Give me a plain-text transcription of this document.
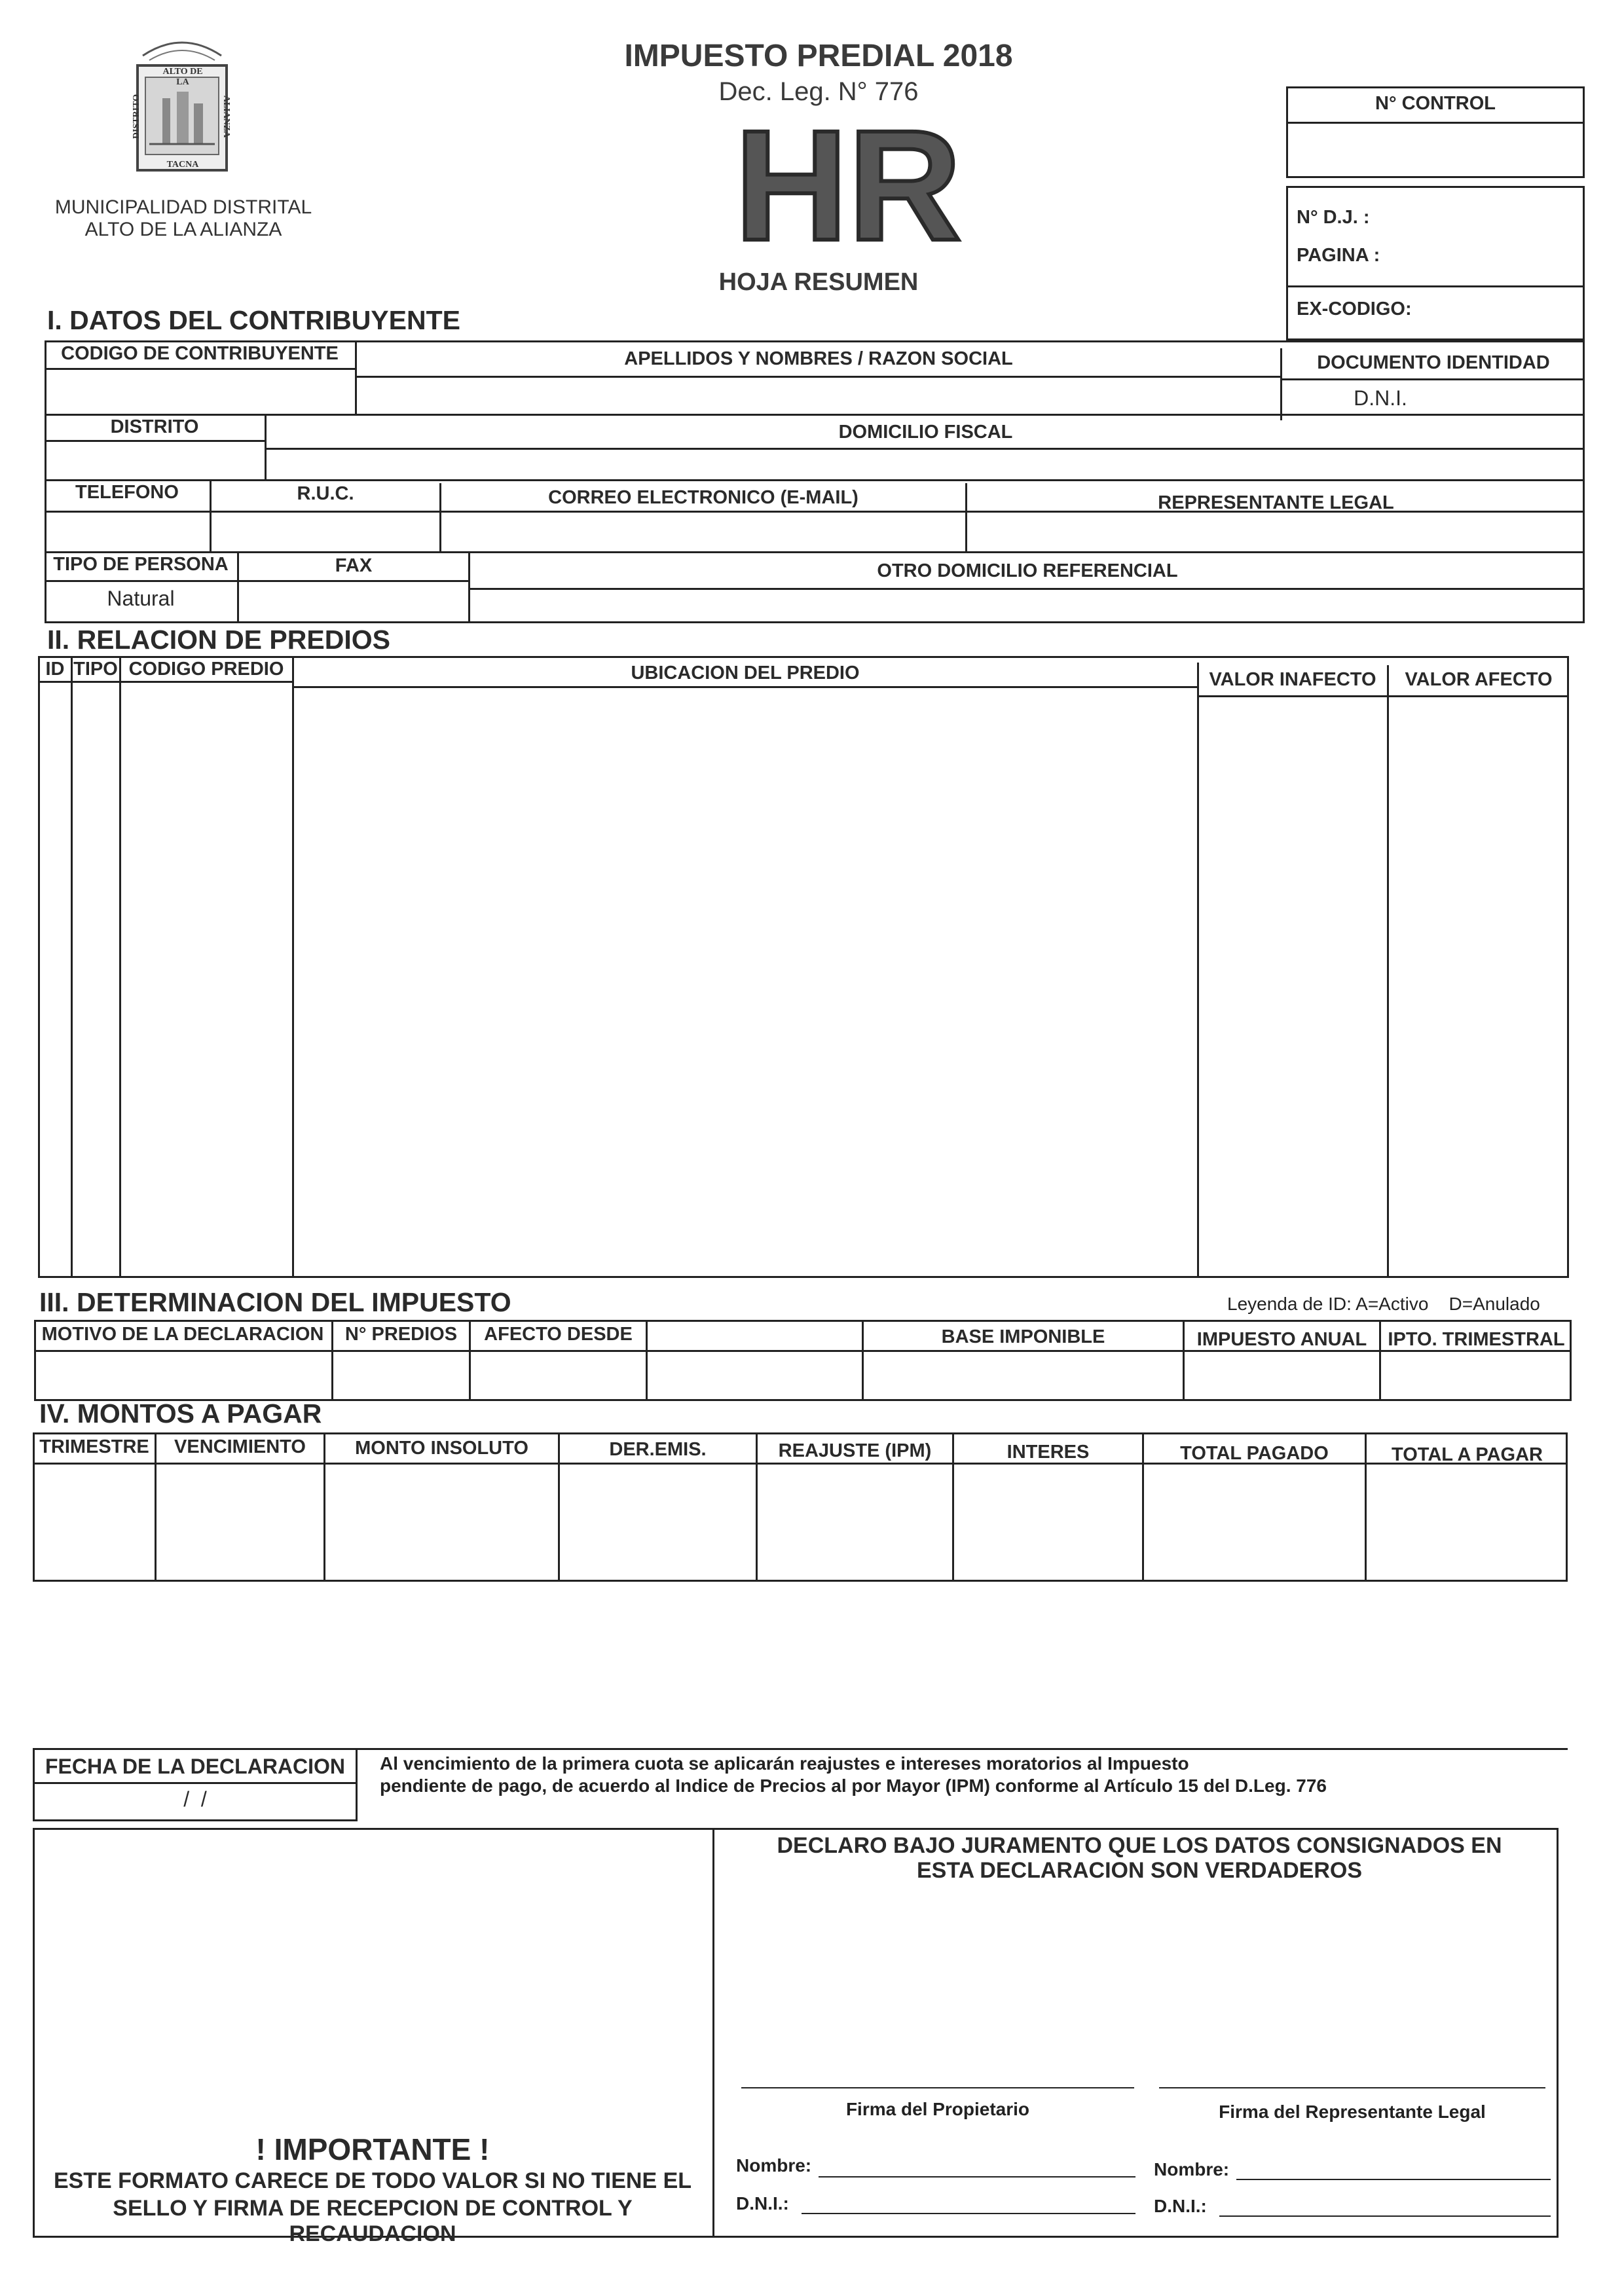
ALTO DE LA
DISTRITO	ALIANZA
TACNA
MUNICIPALIDAD DISTRITAL
ALTO DE LA ALIANZA
IMPUESTO PREDIAL 2018
Dec. Leg. N° 776
HR
HOJA RESUMEN
N° CONTROL
N° D.J. :
PAGINA :
EX-CODIGO:
I. DATOS DEL CONTRIBUYENTE
CODIGO DE CONTRIBUYENTE	APELLIDOS Y NOMBRES / RAZON SOCIAL	DOCUMENTO IDENTIDAD
D.N.I.
DISTRITO	DOMICILIO FISCAL
TELEFONO	R.U.C.	CORREO ELECTRONICO (E-MAIL)	REPRESENTANTE LEGAL
TIPO DE PERSONA	FAX	OTRO DOMICILIO REFERENCIAL
Natural
II. RELACION DE PREDIOS
ID TIPO CODIGO PREDIO	UBICACION DEL PREDIO	VALOR INAFECTO	VALOR AFECTO
III. DETERMINACION DEL IMPUESTO	Leyenda de ID: A=Activo    D=Anulado
MOTIVO DE LA DECLARACION	N° PREDIOS	AFECTO DESDE	BASE IMPONIBLE	IMPUESTO ANUAL	IPTO. TRIMESTRAL
IV. MONTOS A PAGAR
TRIMESTRE	VENCIMIENTO	MONTO INSOLUTO	DER.EMIS.	REAJUSTE (IPM)	INTERES	TOTAL PAGADO	TOTAL A PAGAR
FECHA DE LA DECLARACION
/  /
Al vencimiento de la primera cuota se aplicarán reajustes e intereses moratorios al Impuesto
pendiente de pago, de acuerdo al Indice de Precios al por Mayor (IPM) conforme al Artículo 15 del D.Leg. 776
DECLARO BAJO JURAMENTO QUE LOS DATOS CONSIGNADOS EN
ESTA DECLARACION SON VERDADEROS
Firma del Propietario	Firma del Representante Legal
Nombre:
D.N.I.:
Nombre:
D.N.I.:
! IMPORTANTE !
ESTE FORMATO CARECE DE TODO VALOR SI NO TIENE EL
SELLO Y FIRMA DE RECEPCION DE CONTROL Y RECAUDACION
